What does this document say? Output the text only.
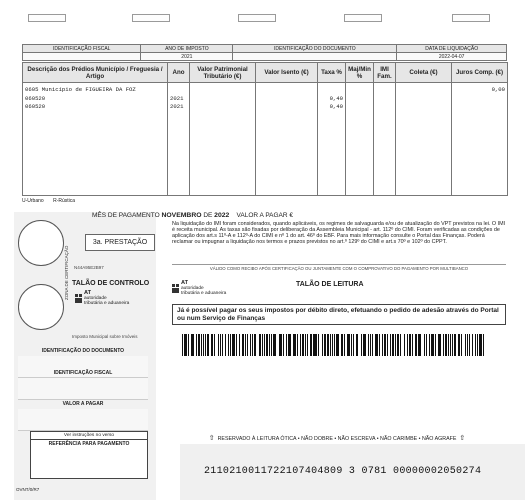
IDENTIFICAÇÃO FISCAL	ANO DE IMPOSTO	IDENTIFICAÇÃO DO DOCUMENTO	DATA DE LIQUIDAÇÃO
	2021		2022-04-07
Descrição dos Prédios Município / Freguesia / Artigo	Ano	Valor Patrimonial Tributário (€)	Valor Isento (€)	Taxa %	Maj/Min %	IMI Fam.	Coleta (€)	Juros Comp. (€)
0605 Município de FIGUEIRA DA FOZ								0,00
060520	2021			0,40				
060520	2021			0,40				

U-Urbano R-Rústica
ZONA DE CERTIFICAÇÃO
MÊS DE PAGAMENTO NOVEMBRO DE 2022 VALOR A PAGAR €
3a. PRESTAÇÃO
N44A95E2B97
TALÃO DE CONTROLO
AT
autoridade
tributária e aduaneira
Imposto Municipal sobre Imóveis
IDENTIFICAÇÃO DO DOCUMENTO
IDENTIFICAÇÃO FISCAL
VALOR A PAGAR
Ver instruções no verso
REFERÊNCIA PARA PAGAMENTO
OVNT/0/R7
Na liquidação do IMI foram considerados, quando aplicáveis, os regimes de salvaguarda e/ou de atualização do VPT previstos na lei. O IMI é receita municipal. As taxas são fixadas por deliberação da Assembleia Municipal - art. 112º do CIMI. Foram verificadas as condições de aplicação dos art.s 11º-A e 112º-A do CIMI e nº 1 do art. 46º do EBF. Para mais informação consulte o Portal das Finanças. Poderá reclamar ou impugnar a liquidação nos termos e prazos previstos no art.º 129º do CIMI e art.s 70º e 102º do CPPT.
VÁLIDO COMO RECIBO APÓS CERTIFICAÇÃO OU JUNTAMENTE COM O COMPROVATIVO DO PAGAMENTO POR MULTIBANCO
AT
autoridade
tributária e aduaneira
TALÃO DE LEITURA
Já é possível pagar os seus impostos por débito direto, efetuando o pedido de adesão através do Portal ou num Serviço de Finanças
⇧ RESERVADO À LEITURA ÓTICA • NÃO DOBRE • NÃO ESCREVA • NÃO CARIMBE • NÃO AGRAFE ⇧
2110210011722107404809 3 0781 00000002050274
